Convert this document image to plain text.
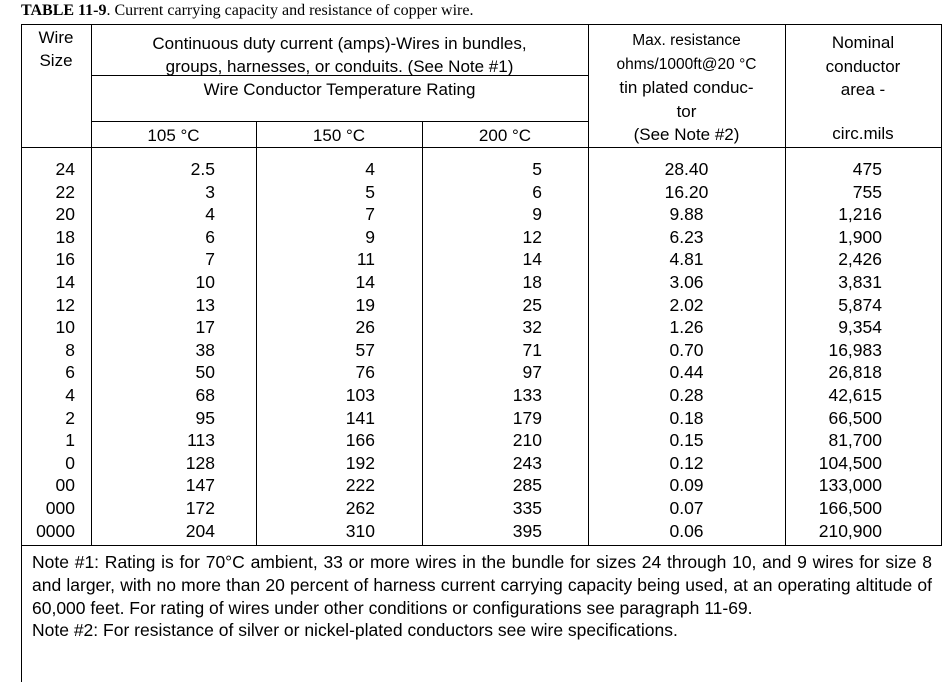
TABLE 11-9. Current carrying capacity and resistance of copper wire.
Wire
Size
Continuous duty current (amps)-Wires in bundles,
groups, harnesses, or conduits. (See Note #1)
Wire Conductor Temperature Rating
105 °C	150 °C	200 °C
Max. resistance
ohms/1000ft@20 °C
tin plated conduc-
tor
(See Note #2)
Nominal
conductor
area -
circ.mils
24	2.5	4	5	28.40	475
22	3	5	6	16.20	755
20	4	7	9	9.88	1,216
18	6	9	12	6.23	1,900
16	7	11	14	4.81	2,426
14	10	14	18	3.06	3,831
12	13	19	25	2.02	5,874
10	17	26	32	1.26	9,354
8	38	57	71	0.70	16,983
6	50	76	97	0.44	26,818
4	68	103	133	0.28	42,615
2	95	141	179	0.18	66,500
1	113	166	210	0.15	81,700
0	128	192	243	0.12	104,500
00	147	222	285	0.09	133,000
000	172	262	335	0.07	166,500
0000	204	310	395	0.06	210,900
Note #1: Rating is for 70°C ambient, 33 or more wires in the bundle for sizes 24 through 10, and 9 wires for size 8 and larger, with no more than 20 percent of harness current carrying capacity being used, at an operating altitude of 60,000 feet. For rating of wires under other conditions or configurations see paragraph 11-69.
Note #2: For resistance of silver or nickel-plated conductors see wire specifications.
